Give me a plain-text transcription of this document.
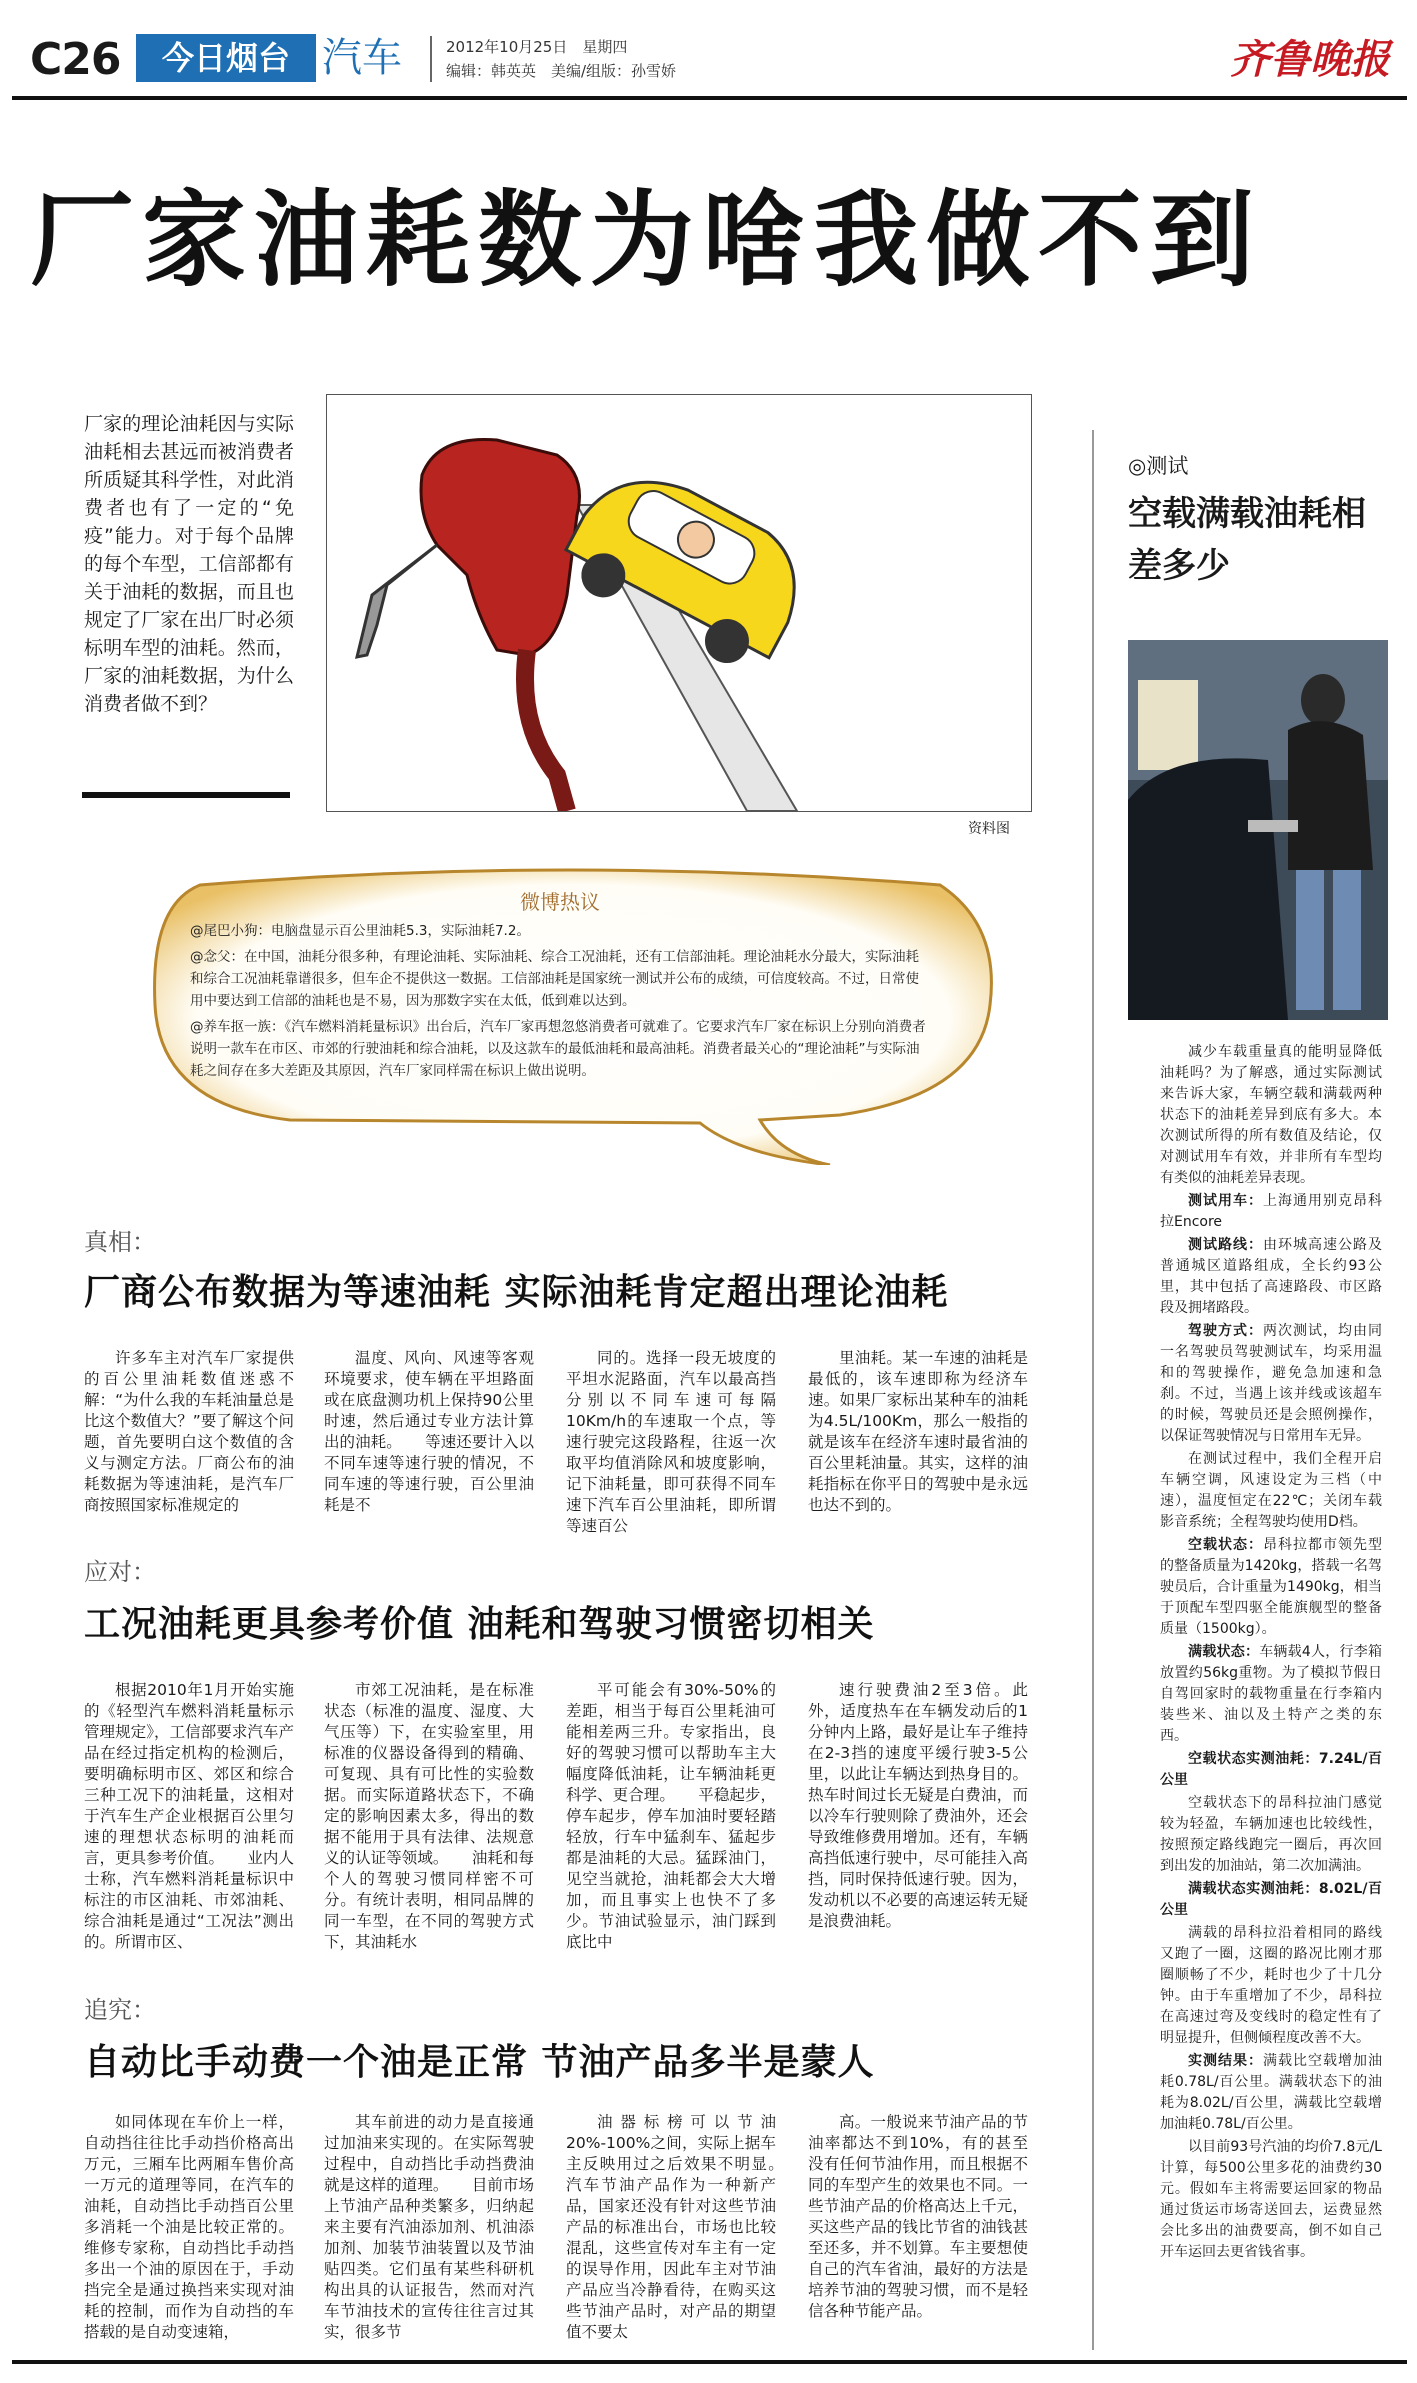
C26	今日烟台 汽车	2012年10月25日　星期四
编辑：韩英英　美编/组版：孙雪娇	齐鲁晚报
厂家油耗数为啥我做不到
厂家的理论油耗因与实际油耗相去甚远而被消费者所质疑其科学性，对此消费者也有了一定的“免疫”能力。对于每个品牌的每个车型，工信部都有关于油耗的数据，而且也规定了厂家在出厂时必须标明车型的油耗。然而，厂家的油耗数据，为什么消费者做不到？
资料图
微博热议

@尾巴小狗：电脑盘显示百公里油耗5.3，实际油耗7.2。

@念父：在中国，油耗分很多种，有理论油耗、实际油耗、综合工况油耗，还有工信部油耗。理论油耗水分最大，实际油耗和综合工况油耗靠谱很多，但车企不提供这一数据。工信部油耗是国家统一测试并公布的成绩，可信度较高。不过，日常使用中要达到工信部的油耗也是不易，因为那数字实在太低，低到难以达到。

@养车抠一族：《汽车燃料消耗量标识》出台后，汽车厂家再想忽悠消费者可就难了。它要求汽车厂家在标识上分别向消费者说明一款车在市区、市郊的行驶油耗和综合油耗，以及这款车的最低油耗和最高油耗。消费者最关心的“理论油耗”与实际油耗之间存在多大差距及其原因，汽车厂家同样需在标识上做出说明。

真相：
厂商公布数据为等速油耗 实际油耗肯定超出理论油耗

许多车主对汽车厂家提供的百公里油耗数值迷惑不解：“为什么我的车耗油量总是比这个数值大？”要了解这个问题，首先要明白这个数值的含义与测定方法。厂商公布的油耗数据为等速油耗，是汽车厂商按照国家标准规定的

温度、风向、风速等客观环境要求，使车辆在平坦路面或在底盘测功机上保持90公里时速，然后通过专业方法计算出的油耗。　　等速还要计入以不同车速等速行驶的情况，不同车速的等速行驶，百公里油耗是不

同的。选择一段无坡度的平坦水泥路面，汽车以最高挡分别以不同车速可每隔10Km/h的车速取一个点，等速行驶完这段路程，往返一次取平均值消除风和坡度影响，记下油耗量，即可获得不同车速下汽车百公里油耗，即所谓等速百公

里油耗。某一车速的油耗是最低的，该车速即称为经济车速。如果厂家标出某种车的油耗为4.5L/100Km，那么一般指的就是该车在经济车速时最省油的百公里耗油量。其实，这样的油耗指标在你平日的驾驶中是永远也达不到的。

应对：
工况油耗更具参考价值 油耗和驾驶习惯密切相关

根据2010年1月开始实施的《轻型汽车燃料消耗量标示管理规定》，工信部要求汽车产品在经过指定机构的检测后，要明确标明市区、郊区和综合三种工况下的油耗量，这相对于汽车生产企业根据百公里匀速的理想状态标明的油耗而言，更具参考价值。　　业内人士称，汽车燃料消耗量标识中标注的市区油耗、市郊油耗、综合油耗是通过“工况法”测出的。所谓市区、

市郊工况油耗，是在标准状态（标准的温度、湿度、大气压等）下，在实验室里，用标准的仪器设备得到的精确、可复现、具有可比性的实验数据。而实际道路状态下，不确定的影响因素太多，得出的数据不能用于具有法律、法规意义的认证等领域。　　油耗和每个人的驾驶习惯同样密不可分。有统计表明，相同品牌的同一车型，在不同的驾驶方式下，其油耗水

平可能会有30%-50%的差距，相当于每百公里耗油可能相差两三升。专家指出，良好的驾驶习惯可以帮助车主大幅度降低油耗，让车辆油耗更科学、更合理。　　平稳起步，停车起步，停车加油时要轻踏轻放，行车中猛刹车、猛起步都是油耗的大忌。猛踩油门，见空当就抢，油耗都会大大增加，而且事实上也快不了多少。节油试验显示，油门踩到底比中

速行驶费油2至3倍。此外，适度热车在车辆发动后的1分钟内上路，最好是让车子维持在2-3挡的速度平缓行驶3-5公里，以此让车辆达到热身目的。热车时间过长无疑是白费油，而以冷车行驶则除了费油外，还会导致维修费用增加。还有，车辆高挡低速行驶中，尽可能挂入高挡，同时保持低速行驶。因为，发动机以不必要的高速运转无疑是浪费油耗。

追究：
自动比手动费一个油是正常 节油产品多半是蒙人

如同体现在车价上一样，自动挡往往比手动挡价格高出万元，三厢车比两厢车售价高一万元的道理等同，在汽车的油耗，自动挡比手动挡百公里多消耗一个油是比较正常的。维修专家称，自动挡比手动挡多出一个油的原因在于，手动挡完全是通过换挡来实现对油耗的控制，而作为自动挡的车搭载的是自动变速箱，

其车前进的动力是直接通过加油来实现的。在实际驾驶过程中，自动挡比手动挡费油就是这样的道理。　　目前市场上节油产品种类繁多，归纳起来主要有汽油添加剂、机油添加剂、加装节油装置以及节油贴四类。它们虽有某些科研机构出具的认证报告，然而对汽车节油技术的宣传往往言过其实，很多节

油器标榜可以节油20%-100%之间，实际上据车主反映用过之后效果不明显。　　汽车节油产品作为一种新产品，国家还没有针对这些节油产品的标准出台，市场也比较混乱，这些宣传对车主有一定的误导作用，因此车主对节油产品应当冷静看待，在购买这些节油产品时，对产品的期望值不要太

高。一般说来节油产品的节油率都达不到10%，有的甚至没有任何节油作用，而且根据不同的车型产生的效果也不同。一些节油产品的价格高达上千元，买这些产品的钱比节省的油钱甚至还多，并不划算。车主要想使自己的汽车省油，最好的方法是培养节油的驾驶习惯，而不是轻信各种节能产品。

◎测试
空载满载油耗相差多少

减少车载重量真的能明显降低油耗吗？为了解惑，通过实际测试来告诉大家，车辆空载和满载两种状态下的油耗差异到底有多大。本次测试所得的所有数值及结论，仅对测试用车有效，并非所有车型均有类似的油耗差异表现。

测试用车：上海通用别克昂科拉Encore

测试路线：由环城高速公路及普通城区道路组成，全长约93公里，其中包括了高速路段、市区路段及拥堵路段。

驾驶方式：两次测试，均由同一名驾驶员驾驶测试车，均采用温和的驾驶操作，避免急加速和急刹。不过，当遇上该并线或该超车的时候，驾驶员还是会照例操作，以保证驾驶情况与日常用车无异。

在测试过程中，我们全程开启车辆空调，风速设定为三档（中速），温度恒定在22℃；关闭车载影音系统；全程驾驶均使用D档。

空载状态：昂科拉都市领先型的整备质量为1420kg，搭载一名驾驶员后，合计重量为1490kg，相当于顶配车型四驱全能旗舰型的整备质量（1500kg）。

满载状态：车辆载4人，行李箱放置约56kg重物。为了模拟节假日自驾回家时的载物重量在行李箱内装些米、油以及土特产之类的东西。

空载状态实测油耗：7.24L/百公里

空载状态下的昂科拉油门感觉较为轻盈，车辆加速也比较线性，按照预定路线跑完一圈后，再次回到出发的加油站，第二次加满油。

满载状态实测油耗：8.02L/百公里

满载的昂科拉沿着相同的路线又跑了一圈，这圈的路况比刚才那圈顺畅了不少，耗时也少了十几分钟。由于车重增加了不少，昂科拉在高速过弯及变线时的稳定性有了明显提升，但侧倾程度改善不大。

实测结果：满载比空载增加油耗0.78L/百公里。满载状态下的油耗为8.02L/百公里，满载比空载增加油耗0.78L/百公里。

以目前93号汽油的均价7.8元/L计算，每500公里多花的油费约30元。假如车主将需要运回家的物品通过货运市场寄送回去，运费显然会比多出的油费要高，倒不如自己开车运回去更省钱省事。
